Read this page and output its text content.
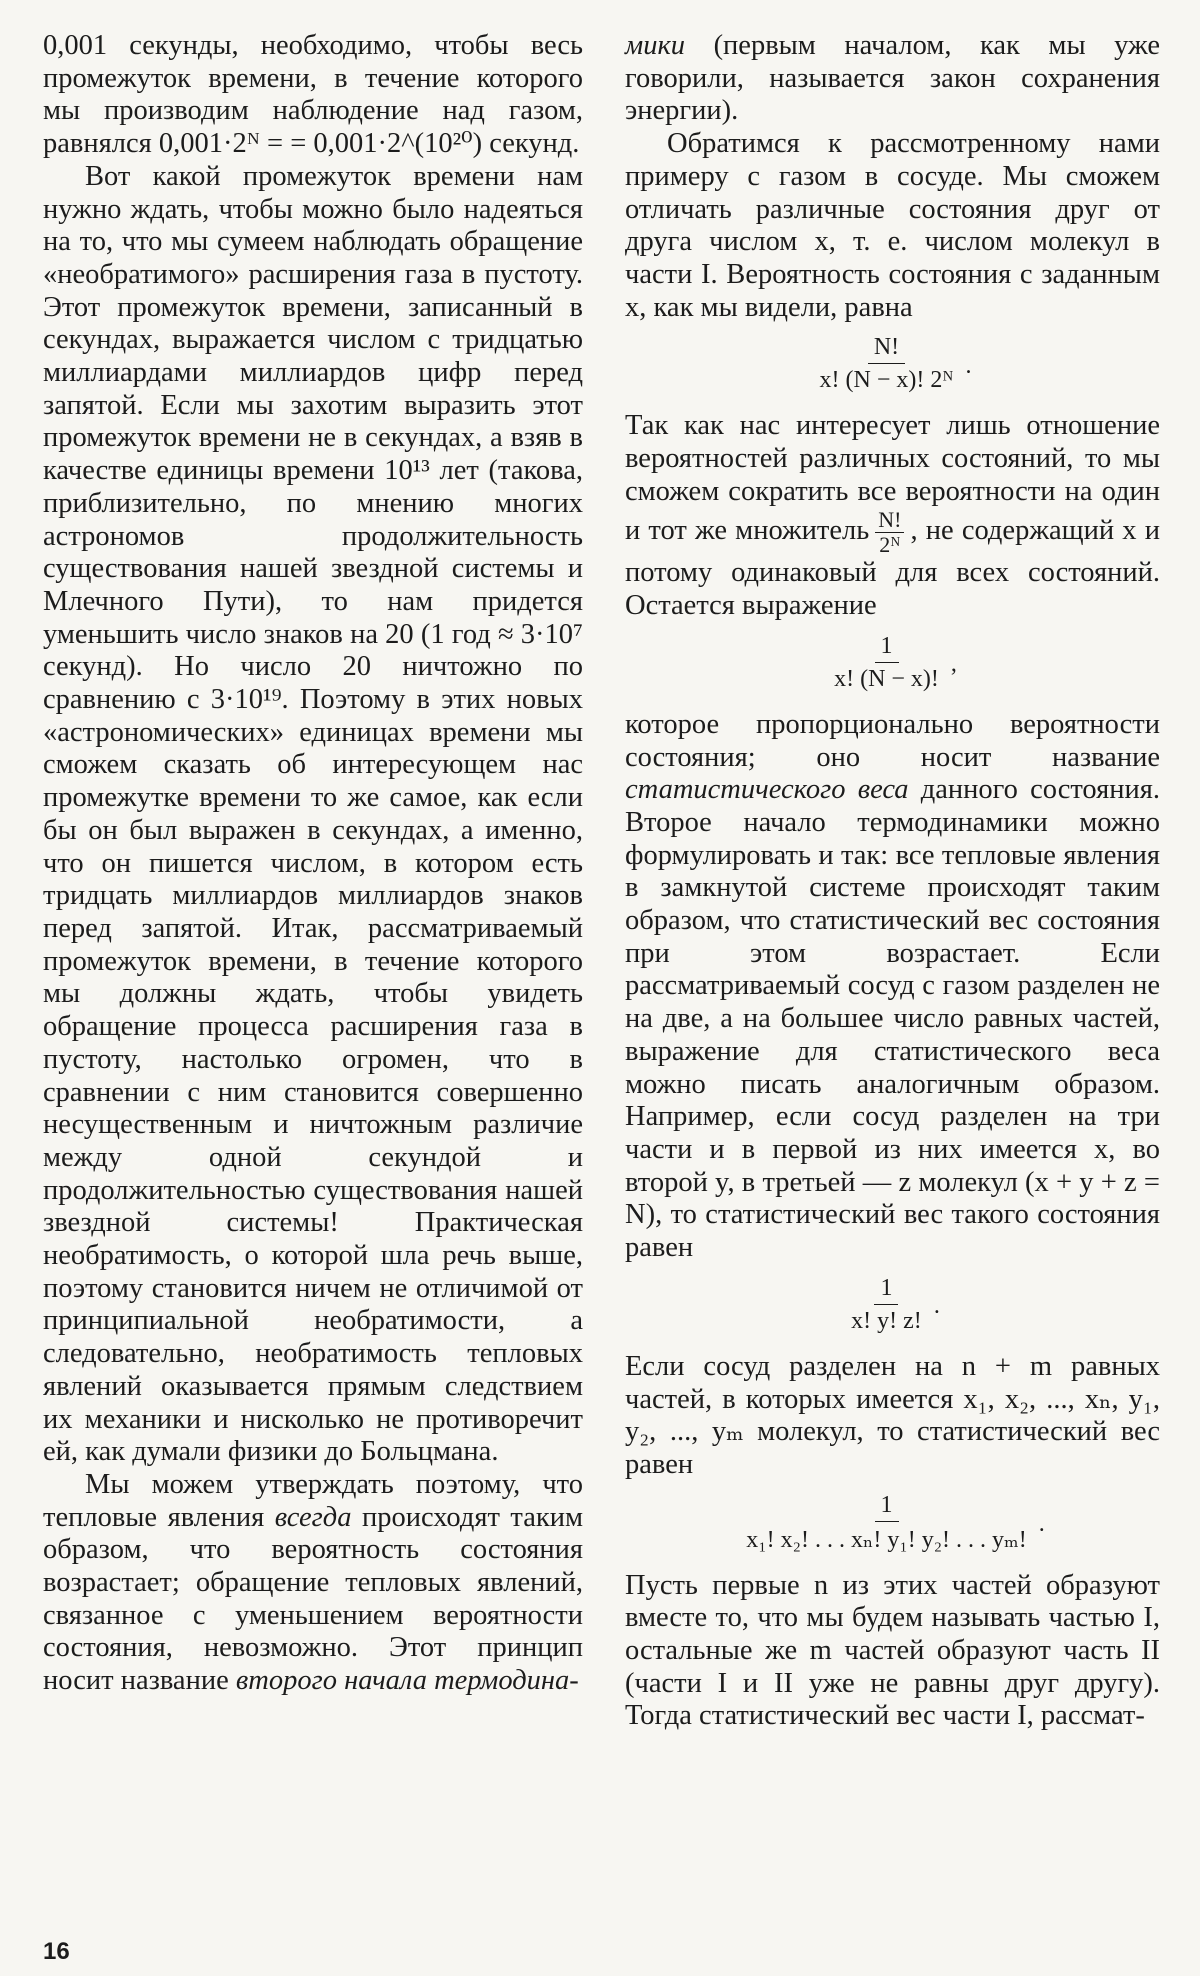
0,001 секунды, необходимо, чтобы весь промежуток времени, в течение которого мы производим наблюдение над газом, равнялся 0,001·2ᴺ = = 0,001·2^(10²⁰) секунд.

Вот какой промежуток времени нам нужно ждать, чтобы можно было надеяться на то, что мы сумеем наблюдать обращение «необратимого» расширения газа в пустоту. Этот промежуток времени, записанный в секундах, выражается числом с тридцатью миллиардами миллиардов цифр перед запятой. Если мы захотим выразить этот промежуток времени не в секундах, а взяв в качестве единицы времени 10¹³ лет (такова, приблизительно, по мнению многих астрономов продолжительность существования нашей звездной системы и Млечного Пути), то нам придется уменьшить число знаков на 20 (1 год ≈ 3·10⁷ секунд). Но число 20 ничтожно по сравнению с 3·10¹⁹. Поэтому в этих новых «астрономических» единицах времени мы сможем сказать об интересующем нас промежутке времени то же самое, как если бы он был выражен в секундах, а именно, что он пишется числом, в котором есть тридцать миллиардов миллиардов знаков перед запятой. Итак, рассматриваемый промежуток времени, в течение которого мы должны ждать, чтобы увидеть обращение процесса расширения газа в пустоту, настолько огромен, что в сравнении с ним становится совершенно несущественным и ничтожным различие между одной секундой и продолжительностью существования нашей звездной системы! Практическая необратимость, о которой шла речь выше, поэтому становится ничем не отличимой от принципиальной необратимости, а следовательно, необратимость тепловых явлений оказывается прямым следствием их механики и нисколько не противоречит ей, как думали физики до Больцмана.

Мы можем утверждать поэтому, что тепловые явления всегда происходят таким образом, что вероятность состояния возрастает; обращение тепловых явлений, связанное с уменьшением вероятности состояния, невозможно. Этот принцип носит название второго начала термодина-

мики (первым началом, как мы уже говорили, называется закон сохранения энергии).

Обратимся к рассмотренному нами примеру с газом в сосуде. Мы сможем отличать различные состояния друг от друга числом x, т. е. числом молекул в части I. Вероятность состояния с заданным x, как мы видели, равна

$\frac{N!}{\text{x! (N − x)! 2ᴺ}}$ .

Так как нас интересует лишь отношение вероятностей различных состояний, то мы сможем сократить все вероятности на один и тот же множитель $\frac{N!}{\text{2ᴺ}}$ , не содержащий x и потому одинаковый для всех состояний. Остается выражение

$\frac{1}{x! (N - x)!}$ ,

которое пропорционально вероятности состояния; оно носит название статистического веса данного состояния. Второе начало термодинамики можно формулировать и так: все тепловые явления в замкнутой системе происходят таким образом, что статистический вес состояния при этом возрастает. Если рассматриваемый сосуд с газом разделен не на две, а на большее число равных частей, выражение для статистического веса можно писать аналогичным образом. Например, если сосуд разделен на три части и в первой из них имеется x, во второй y, в третьей — z молекул (x + y + z = N), то статистический вес такого состояния равен

$\frac{1}{x! y! z!}$ .

Если сосуд разделен на n + m равных частей, в которых имеется x₁, x₂, ..., xₙ, y₁, y₂, ..., yₘ молекул, то статистический вес равен

$\frac{1}{\text{x₁! x₂! . . . xₙ! y₁! y₂! . . . yₘ!}}$ .

Пусть первые n из этих частей образуют вместе то, что мы будем называть частью I, остальные же m частей образуют часть II (части I и II уже не равны друг другу). Тогда статистический вес части I, рассмат-

16
